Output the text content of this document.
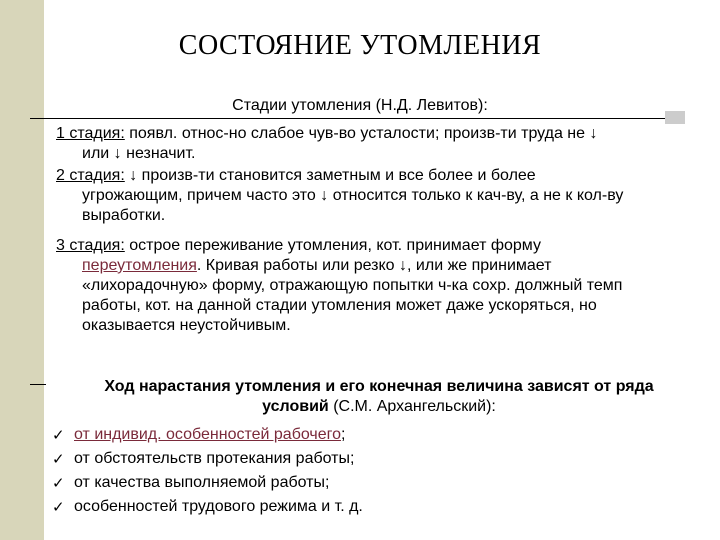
СОСТОЯНИЕ УТОМЛЕНИЯ
Стадии утомления (Н.Д. Левитов):
1 стадия: появл. относ-но слабое чув-во усталости; произв-ти труда не ↓
или ↓ незначит.
2 стадия: ↓ произв-ти становится заметным и все более и более
угрожающим, причем часто это ↓ относится только к кач-ву, а не к кол-ву
выработки.
3 стадия: острое переживание утомления, кот. принимает форму
переутомления. Кривая работы или резко ↓, или же принимает
«лихорадочную» форму, отражающую попытки ч-ка сохр. должный темп
работы, кот. на данной стадии утомления может даже ускоряться, но
оказывается неустойчивым.
Ход нарастания утомления и его конечная величина зависят от ряда
условий (С.М. Архангельский):
✓ от индивид. особенностей рабочего ;
✓ от обстоятельств протекания работы;
✓ от качества выполняемой работы;
✓ особенностей трудового режима и т. д.
